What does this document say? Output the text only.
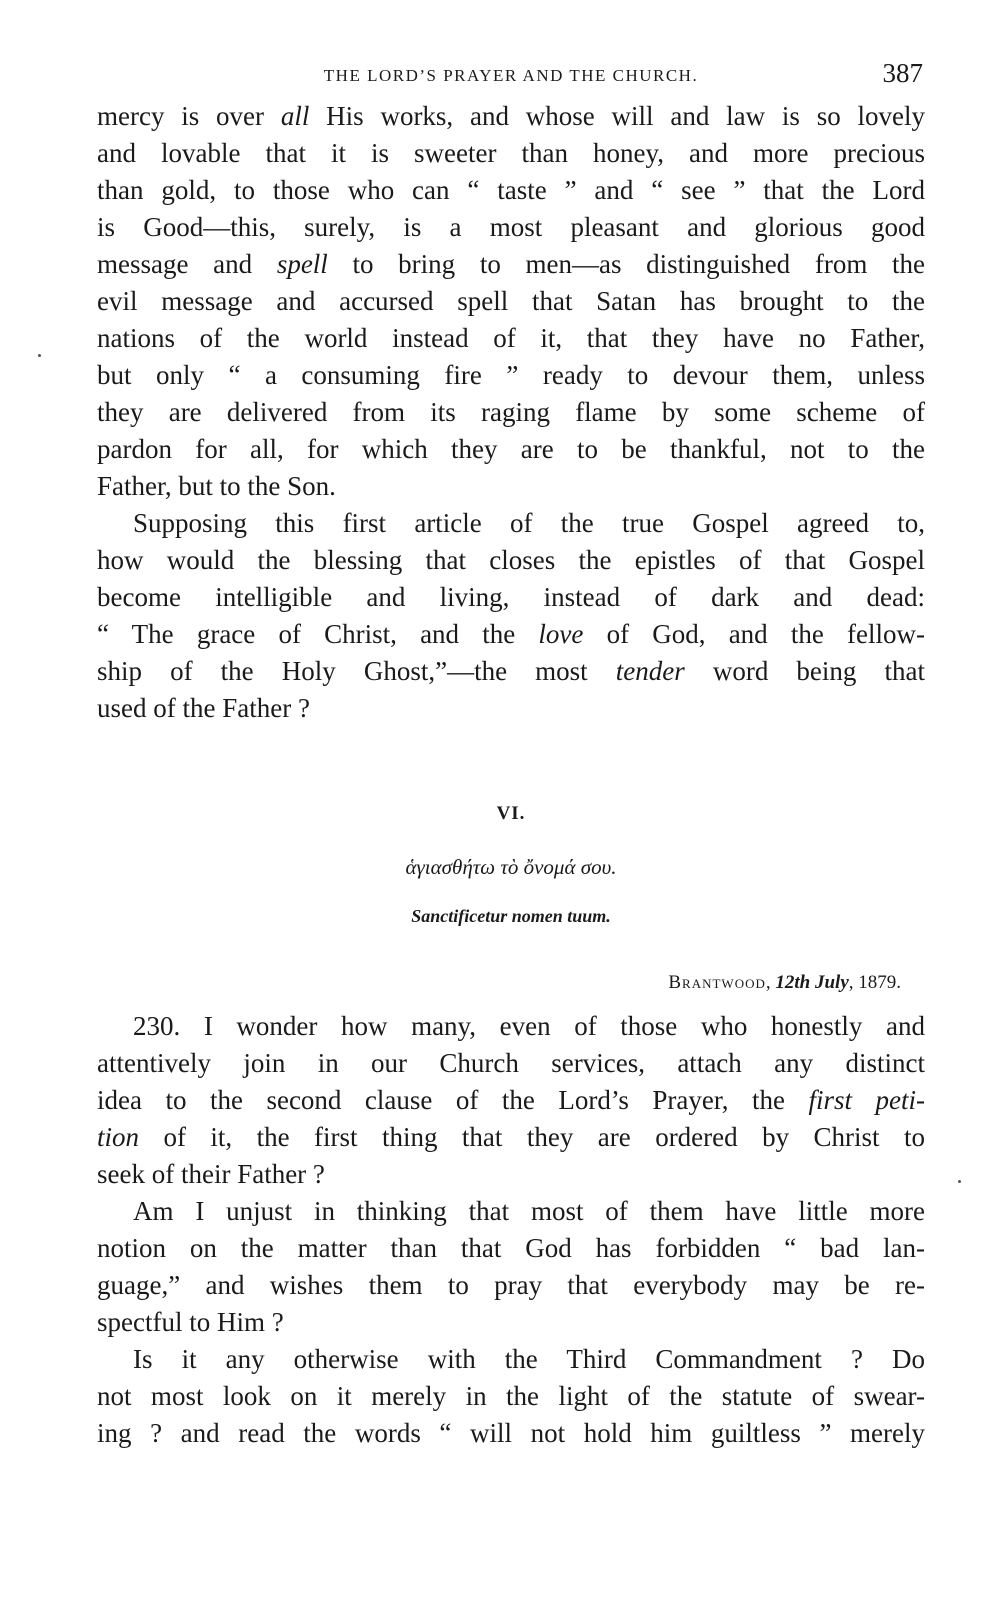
THE LORD’S PRAYER AND THE CHURCH.	387
mercy is over all His works, and whose will and law is so lovely
and lovable that it is sweeter than honey, and more precious
than gold, to those who can “ taste ” and “ see ” that the Lord
is Good—this, surely, is a most pleasant and glorious good
message and spell to bring to men—as distinguished from the
evil message and accursed spell that Satan has brought to the
nations of the world instead of it, that they have no Father,
but only “ a consuming fire ” ready to devour them, unless
they are delivered from its raging flame by some scheme of
pardon for all, for which they are to be thankful, not to the
Father, but to the Son.
Supposing this first article of the true Gospel agreed to,
how would the blessing that closes the epistles of that Gospel
become intelligible and living, instead of dark and dead:
“ The grace of Christ, and the love of God, and the fellow-
ship of the Holy Ghost,”—the most tender word being that
used of the Father ?
VI.
ἁγιασθήτω τὸ ὄνομά σου.
Sanctificetur nomen tuum.
Brantwood, 12th July, 1879.
230. I wonder how many, even of those who honestly and
attentively join in our Church services, attach any distinct
idea to the second clause of the Lord’s Prayer, the first peti-
tion of it, the first thing that they are ordered by Christ to
seek of their Father ?
Am I unjust in thinking that most of them have little more
notion on the matter than that God has forbidden “ bad lan-
guage,” and wishes them to pray that everybody may be re-
spectful to Him ?
Is it any otherwise with the Third Commandment ? Do
not most look on it merely in the light of the statute of swear-
ing ? and read the words “ will not hold him guiltless ” merely
